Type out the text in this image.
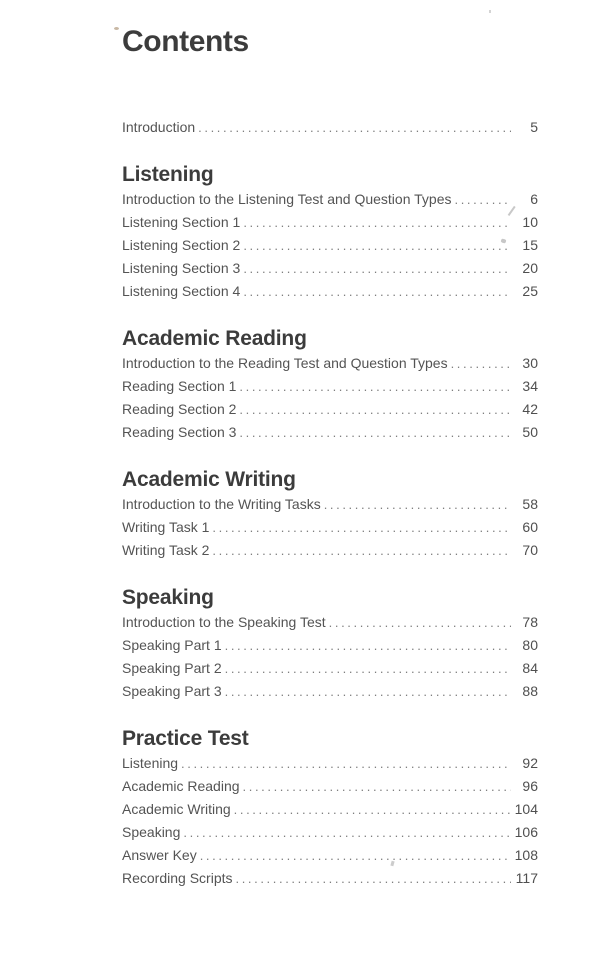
Contents
Introduction .....	5
Listening
Introduction to the Listening Test and Question Types .....	6
Listening Section 1 .....	10
Listening Section 2 .....	15
Listening Section 3 .....	20
Listening Section 4 .....	25
Academic Reading
Introduction to the Reading Test and Question Types .....	30
Reading Section 1 .....	34
Reading Section 2 .....	42
Reading Section 3 .....	50
Academic Writing
Introduction to the Writing Tasks .....	58
Writing Task 1 .....	60
Writing Task 2 .....	70
Speaking
Introduction to the Speaking Test .....	78
Speaking Part 1 .....	80
Speaking Part 2 .....	84
Speaking Part 3 .....	88
Practice Test
Listening .....	92
Academic Reading .....	96
Academic Writing .....	104
Speaking .....	106
Answer Key .....	108
Recording Scripts .....	117
